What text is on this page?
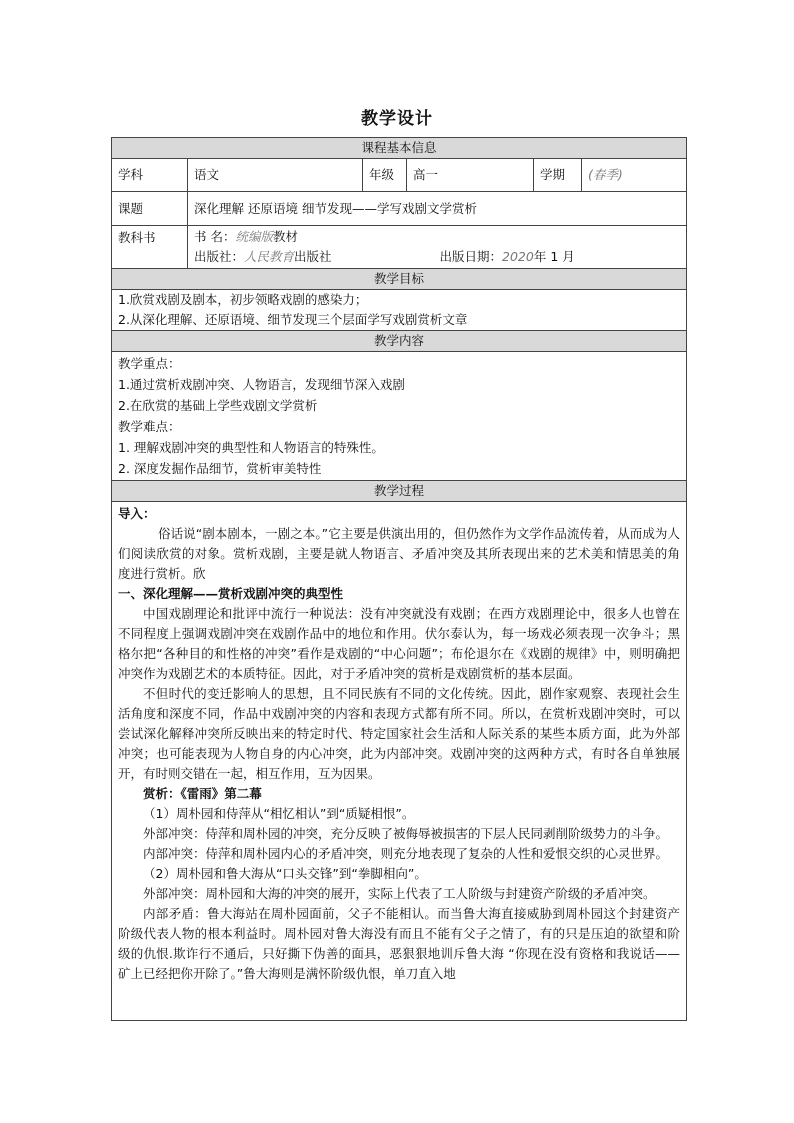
教学设计
课程基本信息
学科	语文	年级	高一	学期	(春季)
课题	深化理解 还原语境 细节发现——学写戏剧文学赏析
教科书	书 名：统编版教材
出版社：人民教育出版社	出版日期：2020年 1 月
教学目标
1.欣赏戏剧及剧本，初步领略戏剧的感染力；
2.从深化理解、还原语境、细节发现三个层面学写戏剧赏析文章
教学内容
教学重点：
1.通过赏析戏剧冲突、人物语言，发现细节深入戏剧
2.在欣赏的基础上学些戏剧文学赏析
教学难点：
1. 理解戏剧冲突的典型性和人物语言的特殊性。
2. 深度发掘作品细节，赏析审美特性
教学过程

导入：

俗话说“剧本剧本，一剧之本。”它主要是供演出用的，但仍然作为文学作品流传着，从而成为人们阅读欣赏的对象。赏析戏剧，主要是就人物语言、矛盾冲突及其所表现出来的艺术美和情思美的角度进行赏析。欣

一、深化理解——赏析戏剧冲突的典型性

中国戏剧理论和批评中流行一种说法：没有冲突就没有戏剧；在西方戏剧理论中，很多人也曾在不同程度上强调戏剧冲突在戏剧作品中的地位和作用。伏尔泰认为，每一场戏必须表现一次争斗；黑格尔把“各种目的和性格的冲突”看作是戏剧的“中心问题”；布伦退尔在《戏剧的规律》中，则明确把冲突作为戏剧艺术的本质特征。因此，对于矛盾冲突的赏析是戏剧赏析的基本层面。

不但时代的变迁影响人的思想，且不同民族有不同的文化传统。因此，剧作家观察、表现社会生活角度和深度不同，作品中戏剧冲突的内容和表现方式都有所不同。所以，在赏析戏剧冲突时，可以尝试深化解释冲突所反映出来的特定时代、特定国家社会生活和人际关系的某些本质方面，此为外部冲突；也可能表现为人物自身的内心冲突，此为内部冲突。戏剧冲突的这两种方式，有时各自单独展开，有时则交错在一起，相互作用，互为因果。

赏析：《雷雨》第二幕

（1）周朴园和侍萍从“相忆相认”到“质疑相恨”。

外部冲突：侍萍和周朴园的冲突，充分反映了被侮辱被损害的下层人民同剥削阶级势力的斗争。

内部冲突：侍萍和周朴园内心的矛盾冲突，则充分地表现了复杂的人性和爱恨交织的心灵世界。

（2）周朴园和鲁大海从“口头交锋”到“拳脚相向”。

外部冲突：周朴园和大海的冲突的展开，实际上代表了工人阶级与封建资产阶级的矛盾冲突。

内部矛盾：鲁大海站在周朴园面前，父子不能相认。而当鲁大海直接威胁到周朴园这个封建资产阶级代表人物的根本利益时。周朴园对鲁大海没有而且不能有父子之情了，有的只是压迫的欲望和阶级的仇恨.欺诈行不通后，只好撕下伪善的面具，恶狠狠地训斥鲁大海 “你现在没有资格和我说话——矿上已经把你开除了。”鲁大海则是满怀阶级仇恨，单刀直入地
